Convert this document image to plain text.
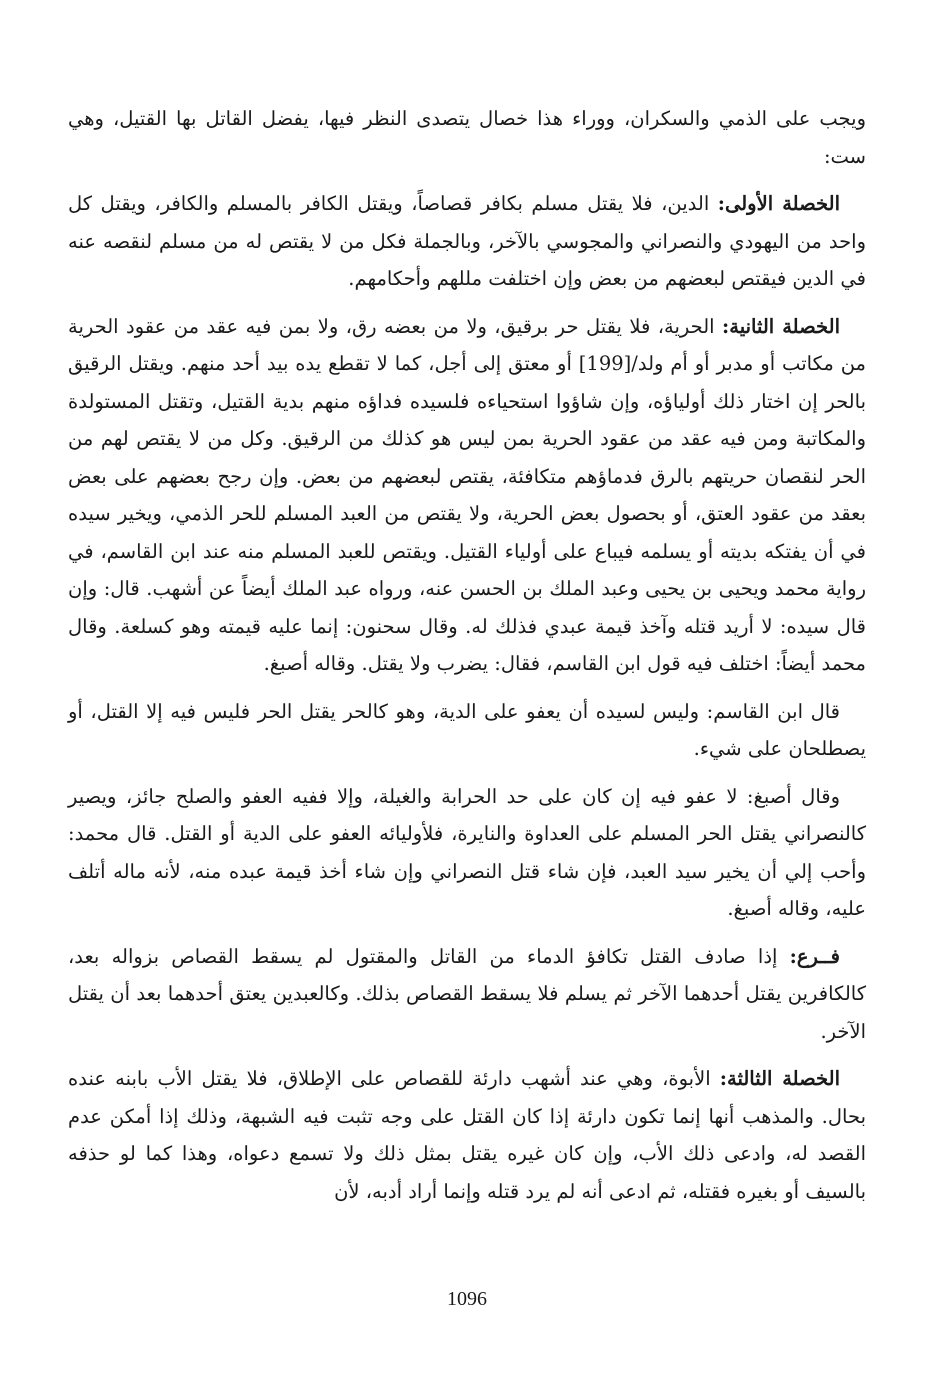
ويجب على الذمي والسكران، ووراء هذا خصال يتصدى النظر فيها، يفضل القاتل بها القتيل، وهي ست:

الخصلة الأولى: الدين، فلا يقتل مسلم بكافر قصاصاً، ويقتل الكافر بالمسلم والكافر، ويقتل كل واحد من اليهودي والنصراني والمجوسي بالآخر، وبالجملة فكل من لا يقتص له من مسلم لنقصه عنه في الدين فيقتص لبعضهم من بعض وإن اختلفت مللهم وأحكامهم.

الخصلة الثانية: الحرية، فلا يقتل حر برقيق، ولا من بعضه رق، ولا بمن فيه عقد من عقود الحرية من مكاتب أو مدبر أو أم ولد/[199] أو معتق إلى أجل، كما لا تقطع يده بيد أحد منهم. ويقتل الرقيق بالحر إن اختار ذلك أولياؤه، وإن شاؤوا استحياءه فلسيده فداؤه منهم بدية القتيل، وتقتل المستولدة والمكاتبة ومن فيه عقد من عقود الحرية بمن ليس هو كذلك من الرقيق. وكل من لا يقتص لهم من الحر لنقصان حريتهم بالرق فدماؤهم متكافئة، يقتص لبعضهم من بعض. وإن رجح بعضهم على بعض بعقد من عقود العتق، أو بحصول بعض الحرية، ولا يقتص من العبد المسلم للحر الذمي، ويخير سيده في أن يفتكه بديته أو يسلمه فيباع على أولياء القتيل. ويقتص للعبد المسلم منه عند ابن القاسم، في رواية محمد ويحيى بن يحيى وعبد الملك بن الحسن عنه، ورواه عبد الملك أيضاً عن أشهب. قال: وإن قال سيده: لا أريد قتله وآخذ قيمة عبدي فذلك له. وقال سحنون: إنما عليه قيمته وهو كسلعة. وقال محمد أيضاً: اختلف فيه قول ابن القاسم، فقال: يضرب ولا يقتل. وقاله أصبغ.

قال ابن القاسم: وليس لسيده أن يعفو على الدية، وهو كالحر يقتل الحر فليس فيه إلا القتل، أو يصطلحان على شيء.

وقال أصبغ: لا عفو فيه إن كان على حد الحرابة والغيلة، وإلا ففيه العفو والصلح جائز، ويصير كالنصراني يقتل الحر المسلم على العداوة والنايرة، فلأوليائه العفو على الدية أو القتل. قال محمد: وأحب إلي أن يخير سيد العبد، فإن شاء قتل النصراني وإن شاء أخذ قيمة عبده منه، لأنه ماله أتلف عليه، وقاله أصبغ.

فــرع: إذا صادف القتل تكافؤ الدماء من القاتل والمقتول لم يسقط القصاص بزواله بعد، كالكافرين يقتل أحدهما الآخر ثم يسلم فلا يسقط القصاص بذلك. وكالعبدين يعتق أحدهما بعد أن يقتل الآخر.

الخصلة الثالثة: الأبوة، وهي عند أشهب دارئة للقصاص على الإطلاق، فلا يقتل الأب بابنه عنده بحال. والمذهب أنها إنما تكون دارئة إذا كان القتل على وجه تثبت فيه الشبهة، وذلك إذا أمكن عدم القصد له، وادعى ذلك الأب، وإن كان غيره يقتل بمثل ذلك ولا تسمع دعواه، وهذا كما لو حذفه بالسيف أو بغيره فقتله، ثم ادعى أنه لم يرد قتله وإنما أراد أدبه، لأن

1096
